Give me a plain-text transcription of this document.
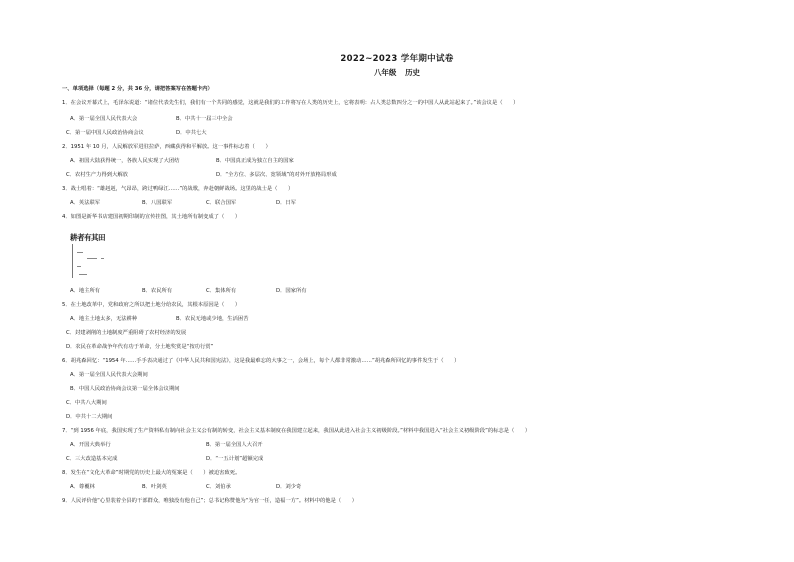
2022~2023 学年期中试卷
八年级 历史
一、单项选择（每题 2 分，共 36 分，请把答案写在答题卡内）
1．在会议开幕式上，毛泽东说道：“诸位代表先生们，我们有一个共同的感觉，这就是我们的工作将写在人类的历史上，它将表明：占人类总数四分之一的中国人从此站起来了。”该会议是（　　）
A．第一届全国人民代表大会	B．中共十一届三中全会
C．第一届中国人民政治协商会议	D．中共七大
2．1951 年 10 月，人民解放军进驻拉萨，西藏获得和平解放。这一事件标志着（　　）
A．祖国大陆获得统一，各族人民实现了大团结	B．中国真正成为独立自主的国家
C．农村生产力得到大解放	D．“全方位、多层次、宽领域”的对外开放格局形成
3．战士唱着：“雄赳赳，气昂昂，跨过鸭绿江……”的战歌，奔赴朝鲜战场。这里的战士是（　　）
A．英法联军	B．八国联军	C．联合国军	D．日军
4．如图是新华书店建国初期印制的宣传挂图，其土地所有制变成了（　　）
耕者有其田
A．地主所有	B．农民所有	C．集体所有	D．国家所有
5．在土地改革中，党和政府之所以把土地分给农民，其根本原因是（　　）
A．地主土地太多，无法耕种	B．农民无地或少地，生活困苦
C．封建剥削的土地制度严重阻碍了农村经济的发展
D．农民在革命战争年代有功于革命，分土地奖赏是“按功行赏”
6．胡兆森回忆：“1954 年……手手表决通过了《中华人民共和国宪法》，这是我最难忘的大事之一，会场上，每个人都非常激动……”胡兆森所回忆的事件发生于（　　）
A．第一届全国人民代表大会期间
B．中国人民政治协商会议第一届全体会议期间
C．中共八大期间
D．中共十二大期间
7．“到 1956 年底，我国实现了生产资料私有制向社会主义公有制的转变，社会主义基本制度在我国建立起来，我国从此进入社会主义初级阶段。”材料中我国进入“社会主义初级阶段”的标志是（　　）
A．开国大典举行	B．第一届全国人大召开
C．三大改造基本完成	D．“一五计划”超额完成
8．发生在“文化大革命”时期党的历史上最大的冤案是（　　）被迫害致死。
A．尊覆林	B．叶剑英	C．刘伯承	D．刘少奇
9．人民评价他“心里装着全县的干部群众，唯独没有他自己”；总书记称赞他为“为官一任，造福一方”。材料中的他是（　　）
